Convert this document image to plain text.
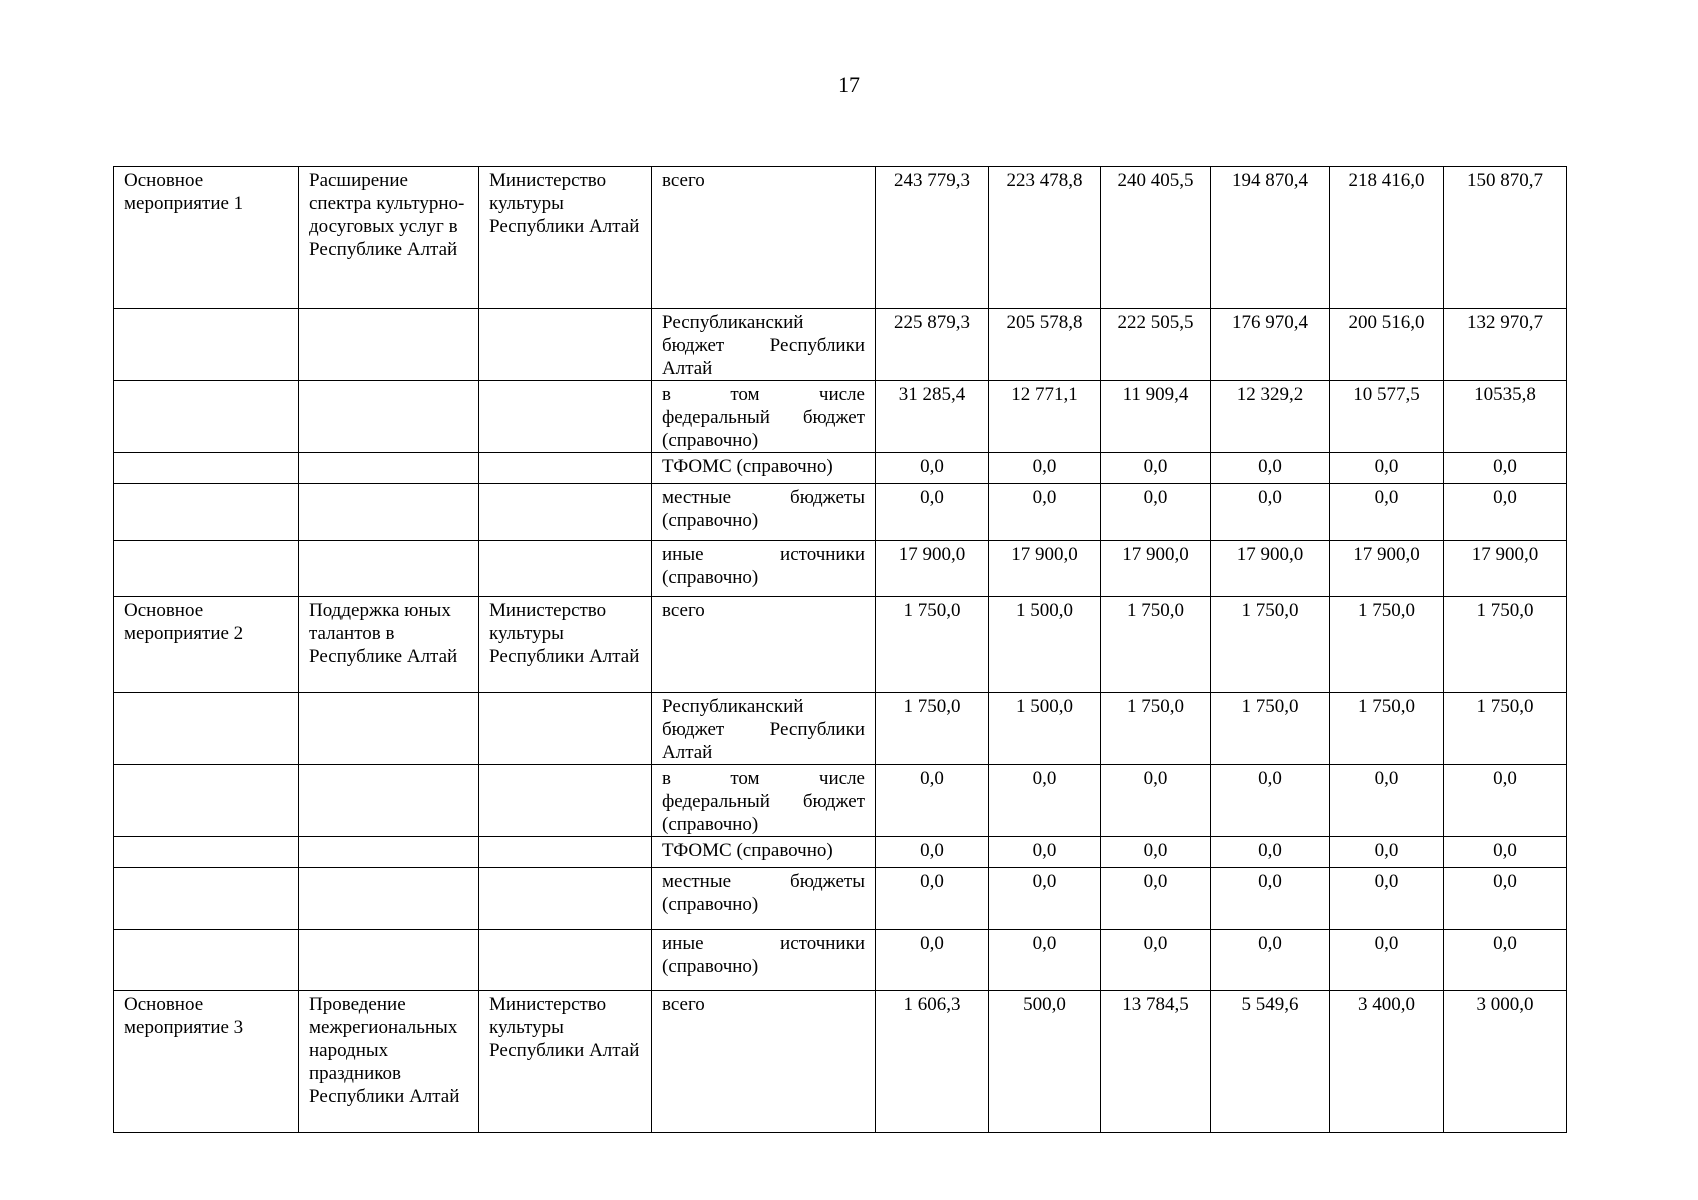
17
Основное мероприятие 1	Расширение спектра культурно-досуговых услуг в Республике Алтай	Министерство культуры Республики Алтай	всего	243 779,3	223 478,8	240 405,5	194 870,4	218 416,0	150 870,7
			Республиканский бюджет Республики Алтай	225 879,3	205 578,8	222 505,5	176 970,4	200 516,0	132 970,7
			в том числе федеральный бюджет (справочно)	31 285,4	12 771,1	11 909,4	12 329,2	10 577,5	10535,8
			ТФОМС (справочно)	0,0	0,0	0,0	0,0	0,0	0,0
			местные бюджеты (справочно)	0,0	0,0	0,0	0,0	0,0	0,0
			иные источники (справочно)	17 900,0	17 900,0	17 900,0	17 900,0	17 900,0	17 900,0
Основное мероприятие 2	Поддержка юных талантов в Республике Алтай	Министерство культуры Республики Алтай	всего	1 750,0	1 500,0	1 750,0	1 750,0	1 750,0	1 750,0
			Республиканский бюджет Республики Алтай	1 750,0	1 500,0	1 750,0	1 750,0	1 750,0	1 750,0
			в том числе федеральный бюджет (справочно)	0,0	0,0	0,0	0,0	0,0	0,0
			ТФОМС (справочно)	0,0	0,0	0,0	0,0	0,0	0,0
			местные бюджеты (справочно)	0,0	0,0	0,0	0,0	0,0	0,0
			иные источники (справочно)	0,0	0,0	0,0	0,0	0,0	0,0
Основное мероприятие 3	Проведение межрегиональных народных праздников Республики Алтай	Министерство культуры Республики Алтай	всего	1 606,3	500,0	13 784,5	5 549,6	3 400,0	3 000,0
